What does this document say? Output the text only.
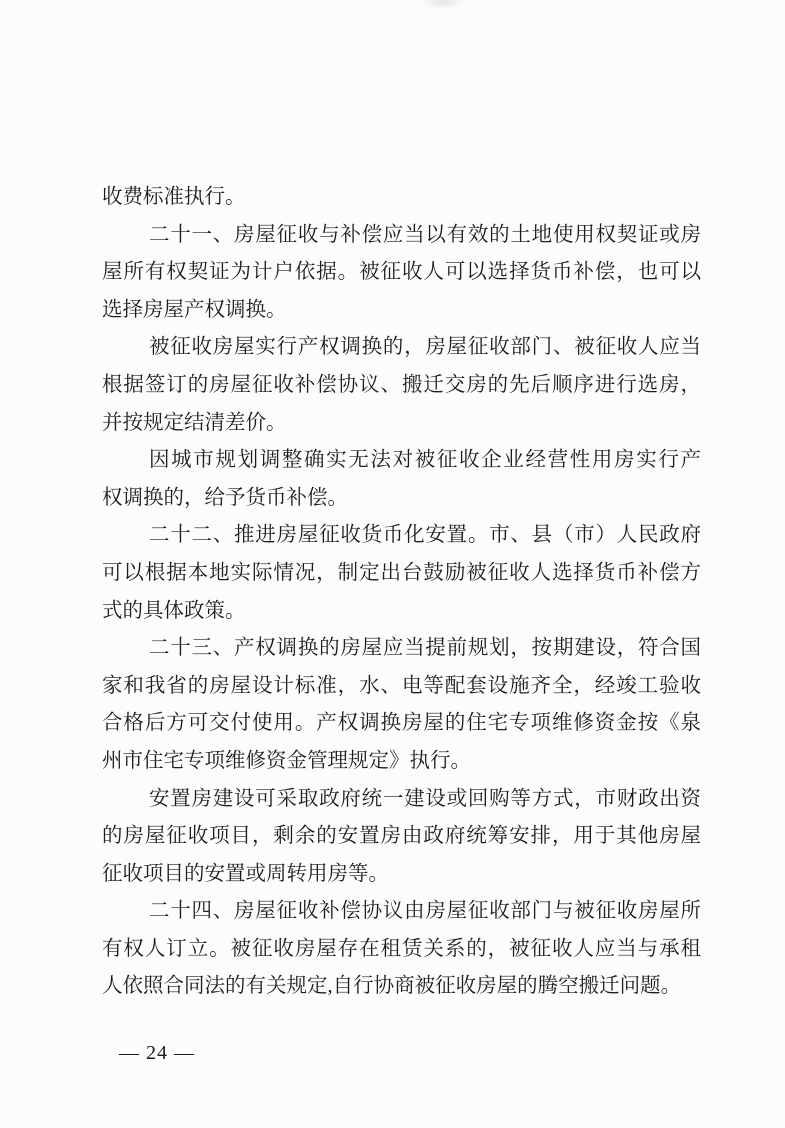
收费标准执行。
二十一、房屋征收与补偿应当以有效的土地使用权契证或房
屋所有权契证为计户依据。被征收人可以选择货币补偿，也可以
选择房屋产权调换。
被征收房屋实行产权调换的，房屋征收部门、被征收人应当
根据签订的房屋征收补偿协议、搬迁交房的先后顺序进行选房，
并按规定结清差价。
因城市规划调整确实无法对被征收企业经营性用房实行产
权调换的，给予货币补偿。
二十二、推进房屋征收货币化安置。市、县（市）人民政府
可以根据本地实际情况，制定出台鼓励被征收人选择货币补偿方
式的具体政策。
二十三、产权调换的房屋应当提前规划，按期建设，符合国
家和我省的房屋设计标准，水、电等配套设施齐全，经竣工验收
合格后方可交付使用。产权调换房屋的住宅专项维修资金按《泉
州市住宅专项维修资金管理规定》执行。
安置房建设可采取政府统一建设或回购等方式，市财政出资
的房屋征收项目，剩余的安置房由政府统筹安排，用于其他房屋
征收项目的安置或周转用房等。
二十四、房屋征收补偿协议由房屋征收部门与被征收房屋所
有权人订立。被征收房屋存在租赁关系的，被征收人应当与承租
人依照合同法的有关规定,自行协商被征收房屋的腾空搬迁问题。
— 24 —
